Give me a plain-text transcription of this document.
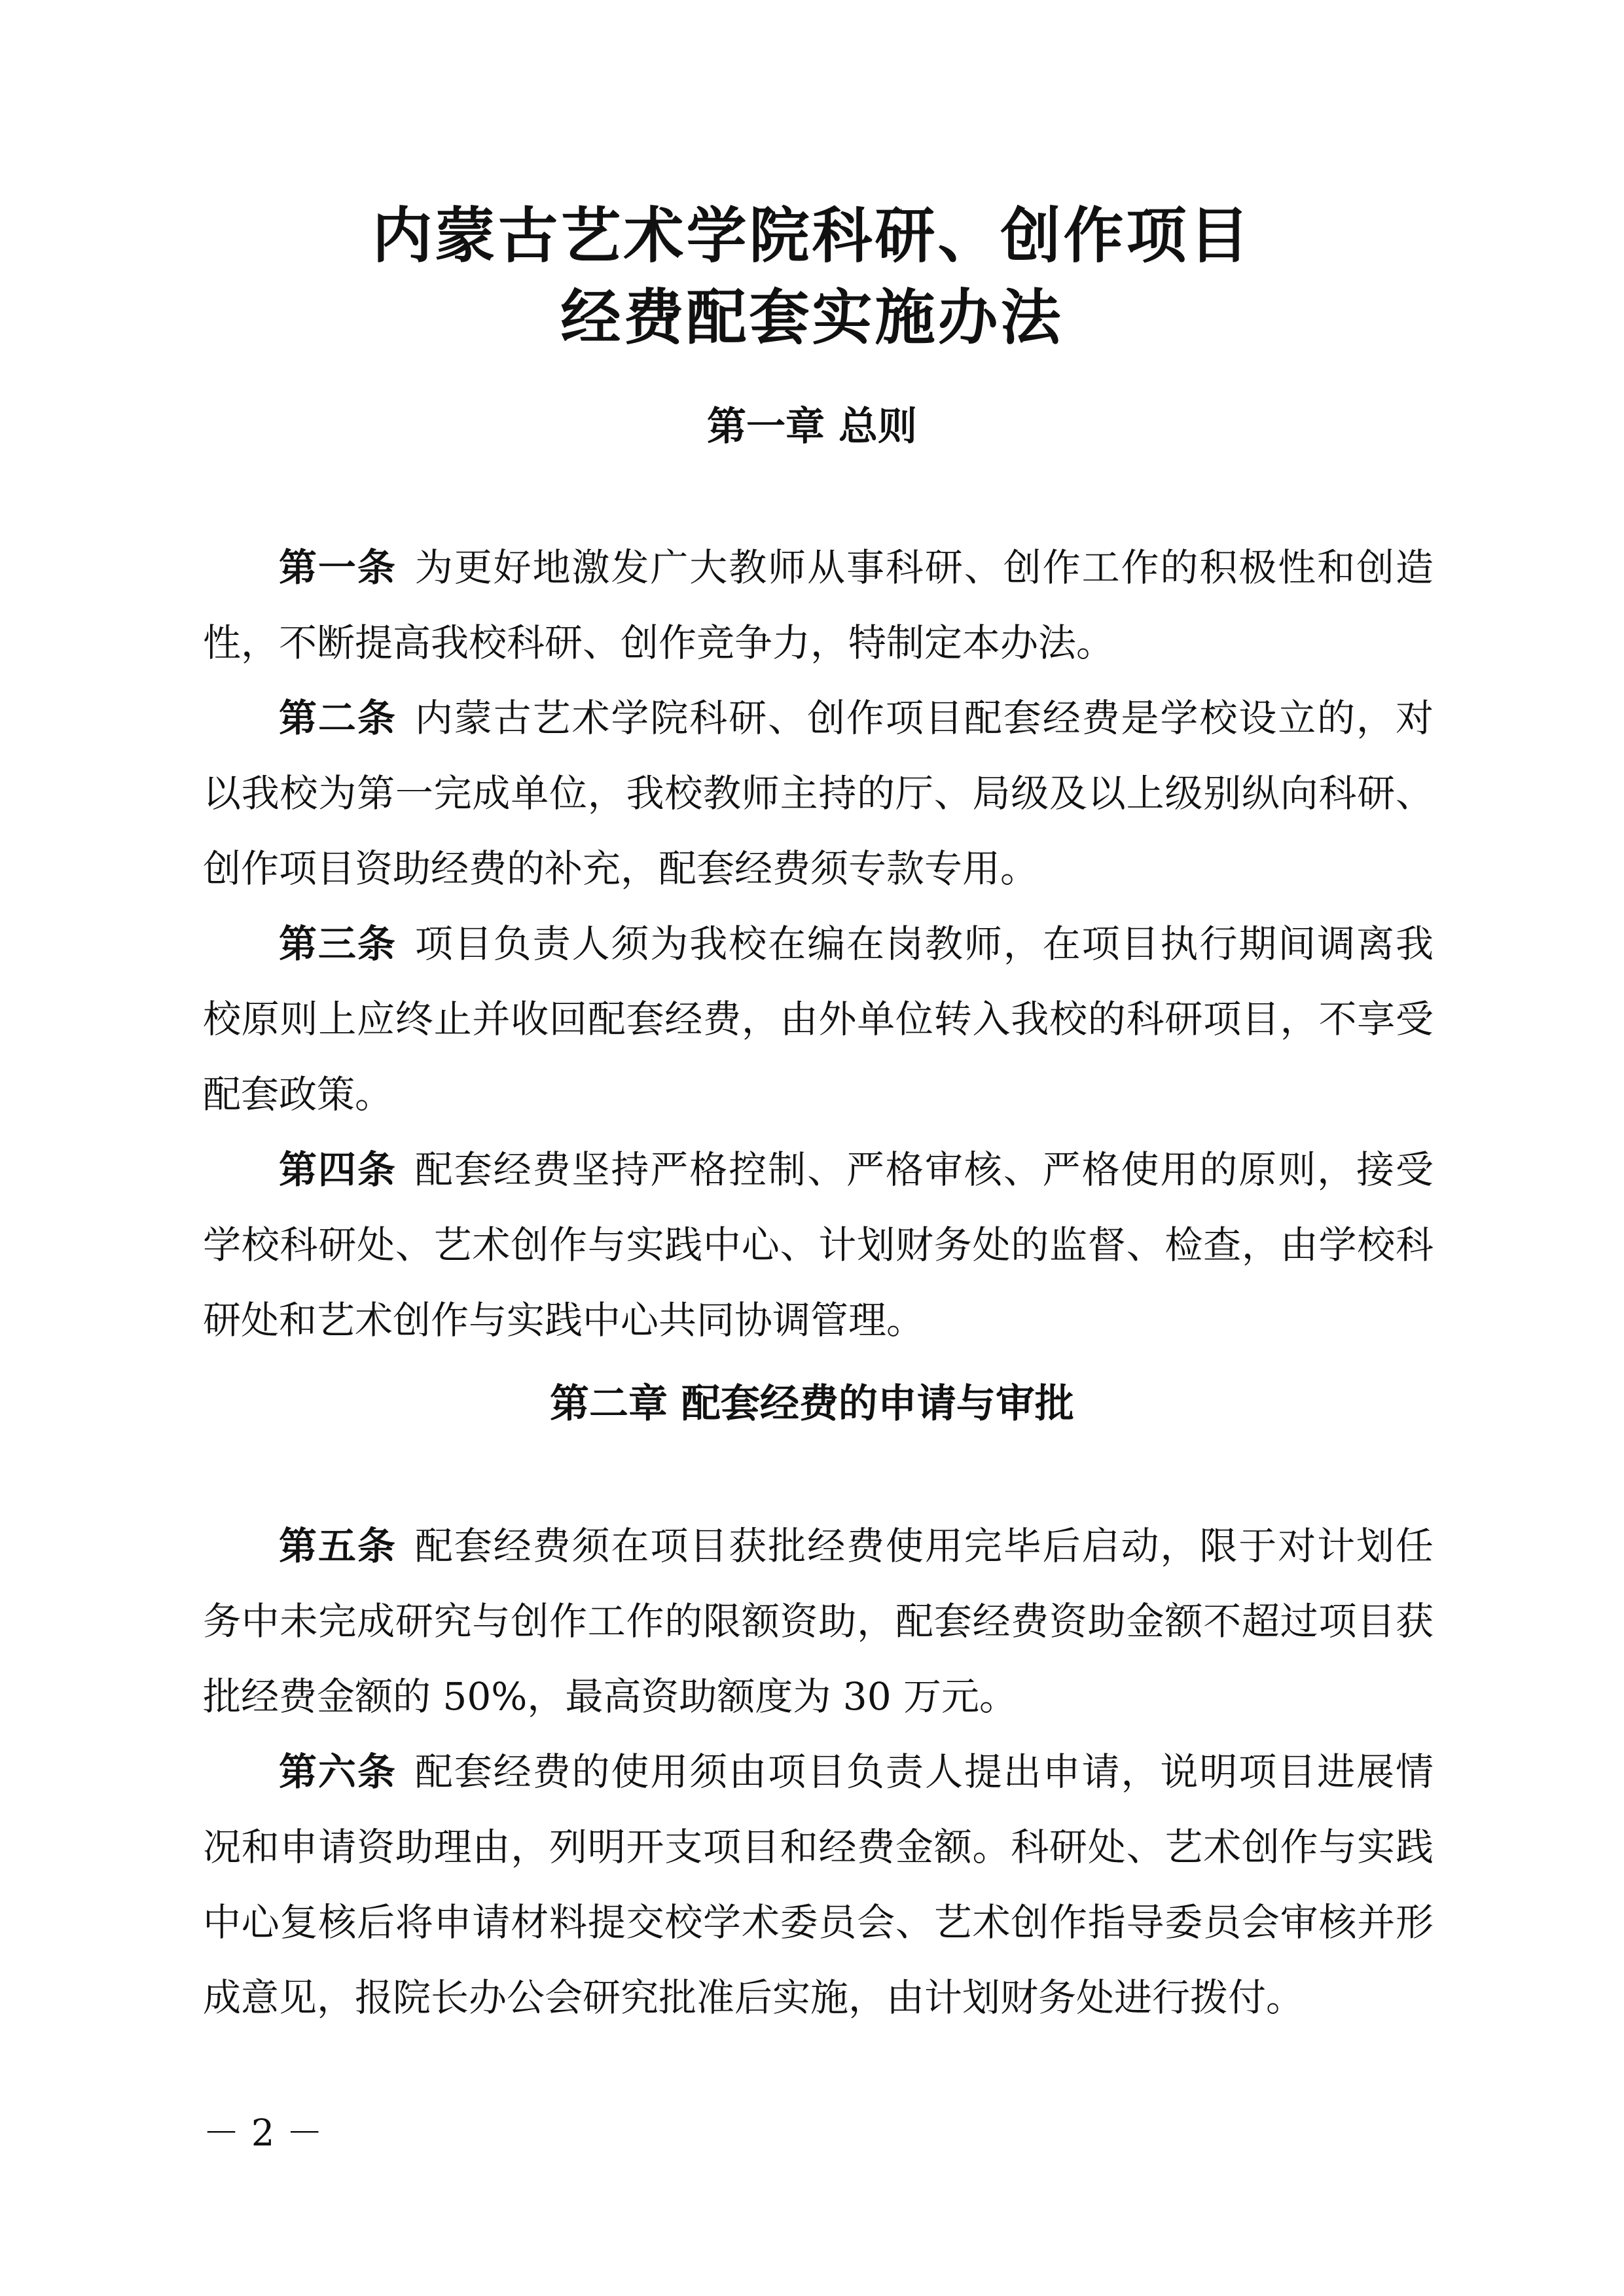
内蒙古艺术学院科研、创作项目
经费配套实施办法
第一章 总则

第一条 为更好地激发广大教师从事科研、创作工作的积极性和创造性，不断提高我校科研、创作竞争力，特制定本办法。

第二条 内蒙古艺术学院科研、创作项目配套经费是学校设立的，对以我校为第一完成单位，我校教师主持的厅、局级及以上级别纵向科研、创作项目资助经费的补充，配套经费须专款专用。

第三条 项目负责人须为我校在编在岗教师，在项目执行期间调离我校原则上应终止并收回配套经费，由外单位转入我校的科研项目，不享受配套政策。

第四条 配套经费坚持严格控制、严格审核、严格使用的原则，接受学校科研处、艺术创作与实践中心、计划财务处的监督、检查，由学校科研处和艺术创作与实践中心共同协调管理。

第二章 配套经费的申请与审批

第五条 配套经费须在项目获批经费使用完毕后启动，限于对计划任务中未完成研究与创作工作的限额资助，配套经费资助金额不超过项目获批经费金额的 50%，最高资助额度为 30 万元。

第六条 配套经费的使用须由项目负责人提出申请，说明项目进展情况和申请资助理由，列明开支项目和经费金额。科研处、艺术创作与实践中心复核后将申请材料提交校学术委员会、艺术创作指导委员会审核并形成意见，报院长办公会研究批准后实施，由计划财务处进行拨付。

－ 2 －
